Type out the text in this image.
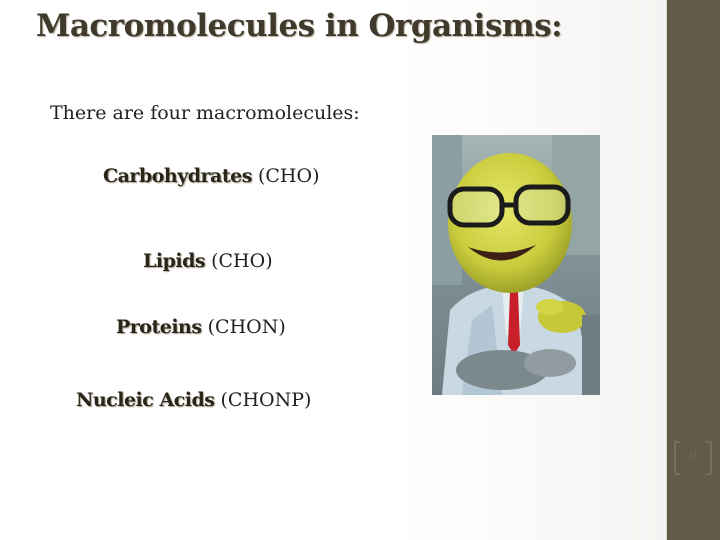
Macromolecules in Organisms:
There are four macromolecules:
Carbohydrates (CHO)
Lipids (CHO)
Proteins (CHON)
Nucleic Acids (CHONP)
9
